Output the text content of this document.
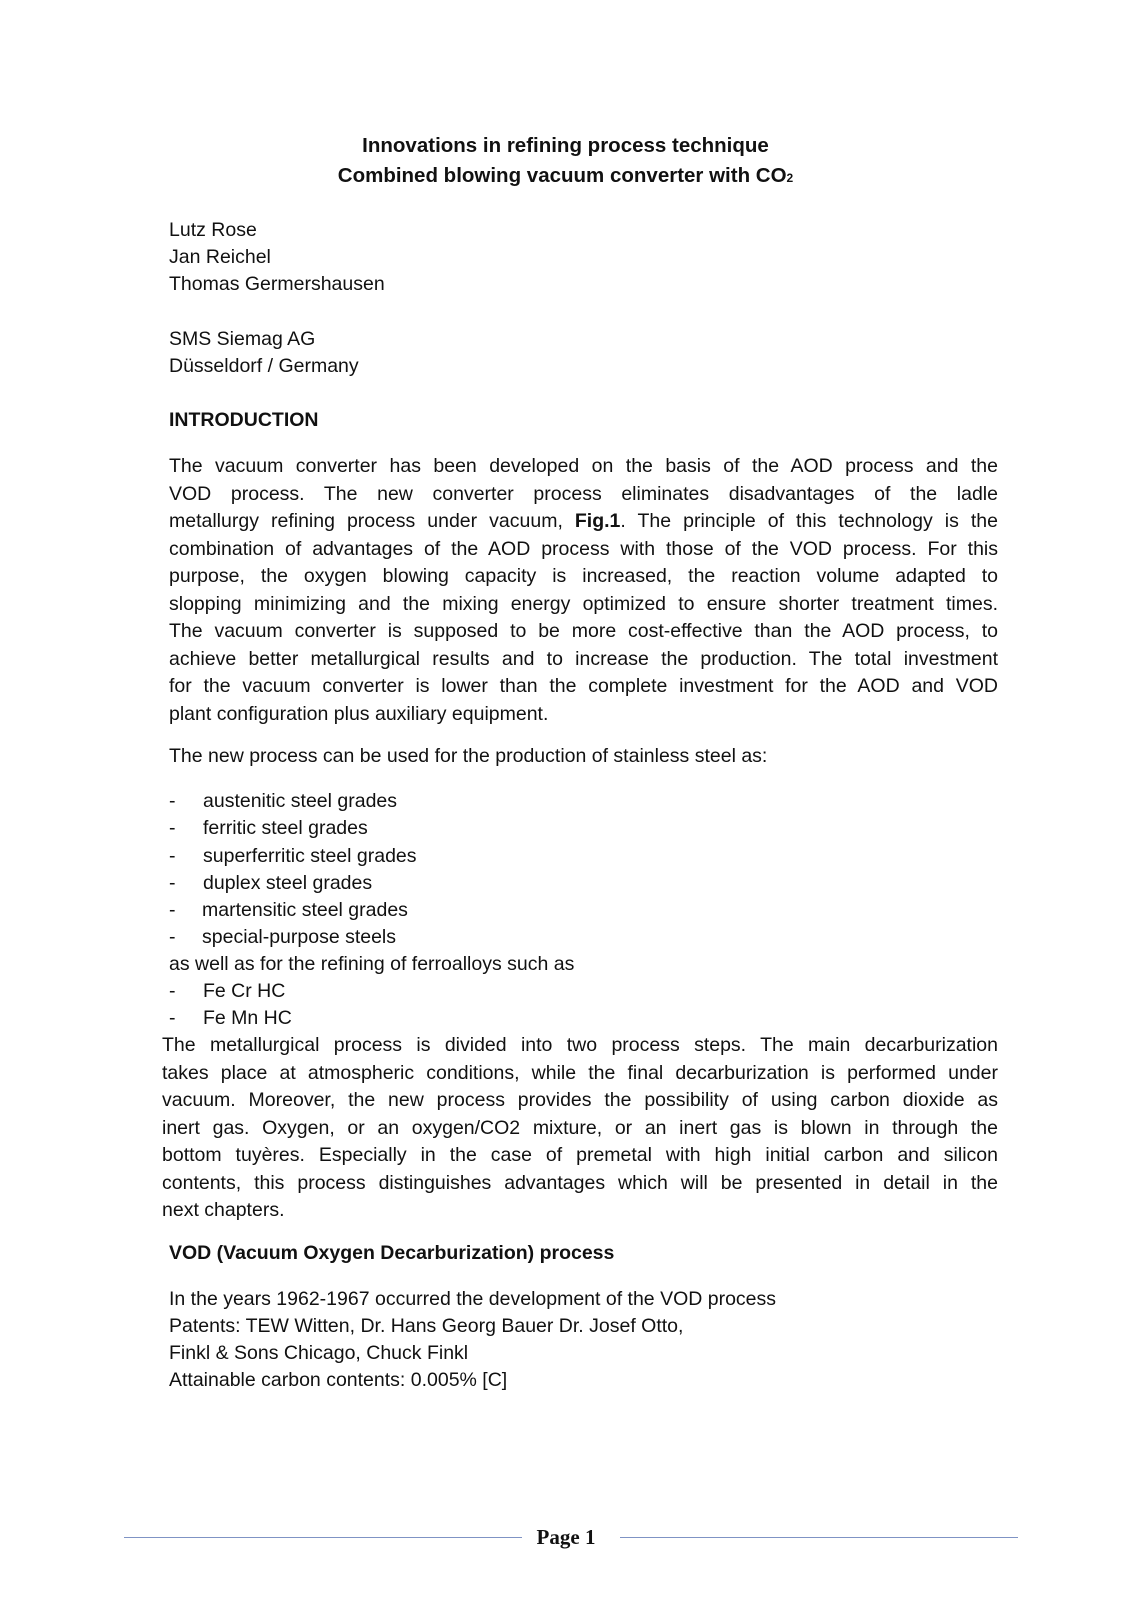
Innovations in refining process technique
Combined blowing vacuum converter with CO2
Lutz Rose
Jan Reichel
Thomas Germershausen
SMS Siemag AG
Düsseldorf / Germany
INTRODUCTION
The vacuum converter has been developed on the basis of the AOD process and the
VOD process. The new converter process eliminates disadvantages of the ladle
metallurgy refining process under vacuum, Fig.1. The principle of this technology is the
combination of advantages of the AOD process with those of the VOD process. For this
purpose, the oxygen blowing capacity is increased, the reaction volume adapted to
slopping minimizing and the mixing energy optimized to ensure shorter treatment times.
The vacuum converter is supposed to be more cost-effective than the AOD process, to
achieve better metallurgical results and to increase the production. The total investment
for the vacuum converter is lower than the complete investment for the AOD and VOD
plant configuration plus auxiliary equipment.
The new process can be used for the production of stainless steel as:
- austenitic steel grades
- ferritic steel grades
- superferritic steel grades
- duplex steel grades
- martensitic steel grades
- special-purpose steels
as well as for the refining of ferroalloys such as
- Fe Cr HC
- Fe Mn HC
The metallurgical process is divided into two process steps. The main decarburization
takes place at atmospheric conditions, while the final decarburization is performed under
vacuum. Moreover, the new process provides the possibility of using carbon dioxide as
inert gas. Oxygen, or an oxygen/CO2 mixture, or an inert gas is blown in through the
bottom tuyères. Especially in the case of premetal with high initial carbon and silicon
contents, this process distinguishes advantages which will be presented in detail in the
next chapters.
VOD (Vacuum Oxygen Decarburization) process
In the years 1962-1967 occurred the development of the VOD process
Patents: TEW Witten, Dr. Hans Georg Bauer Dr. Josef Otto,
Finkl & Sons Chicago, Chuck Finkl
Attainable carbon contents: 0.005% [C]
Page 1
